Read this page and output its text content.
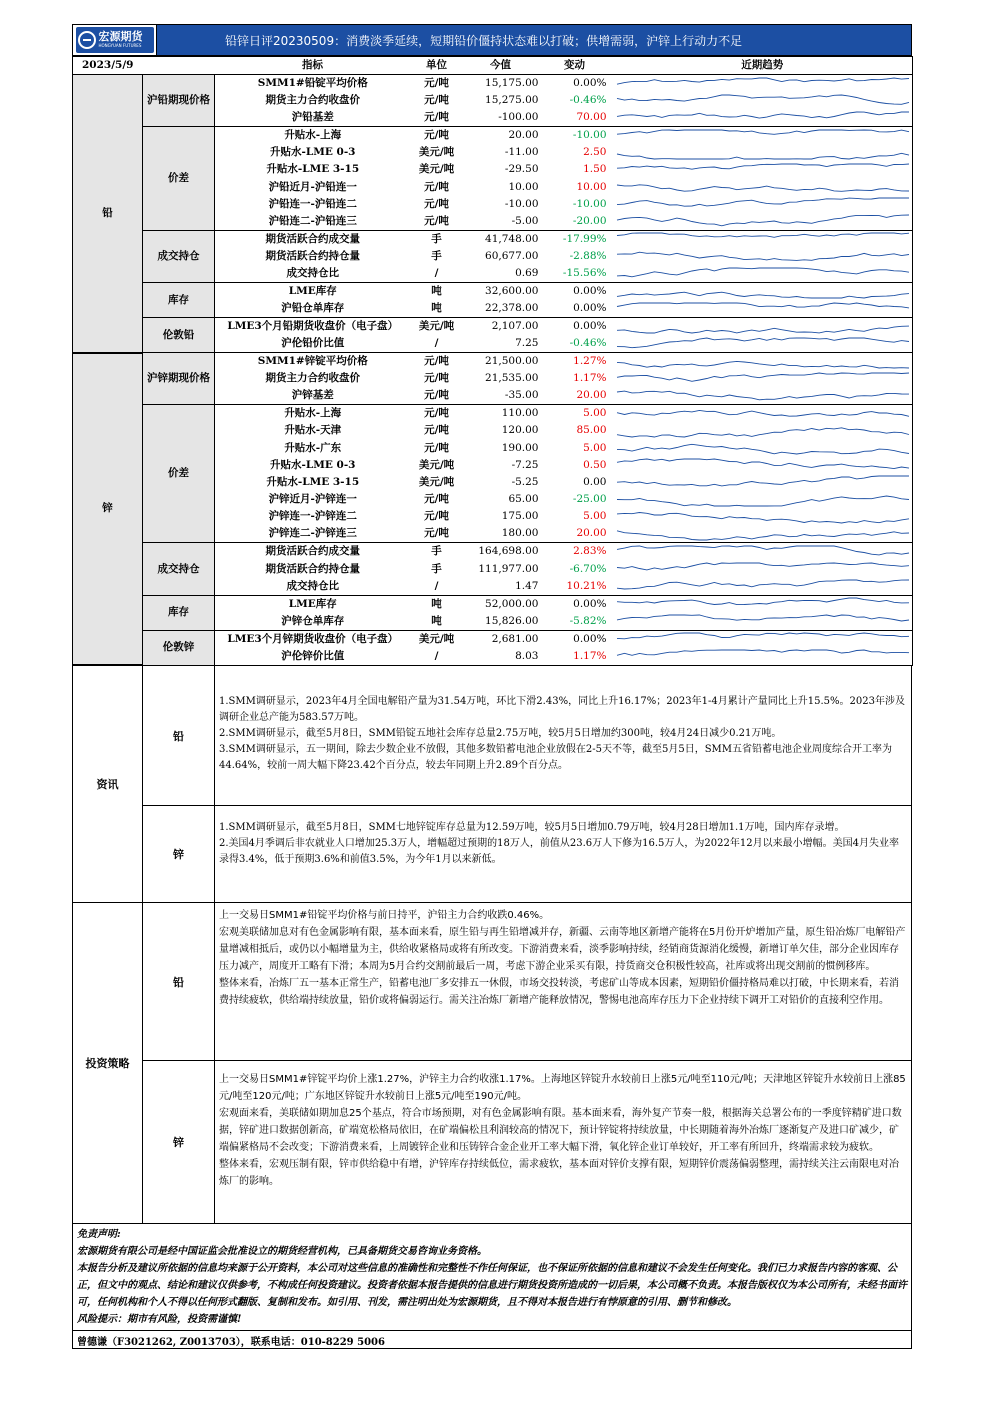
宏源期货
HONGYUAN FUTURES	铅锌日评20230509：消费淡季延续，短期铅价僵持状态难以打破；供增需弱，沪锌上行动力不足
2023/5/9		指标	单位	今值	变动	近期趋势
铅	沪铅期现价格	SMM1#铅锭平均价格	元/吨	15,175.00	0.00%	

		期货主力合约收盘价	元/吨	15,275.00	-0.46%	

		沪铅基差	元/吨	-100.00	70.00	

	价差	升贴水-上海	元/吨	20.00	-10.00	

		升贴水-LME 0-3	美元/吨	-11.00	2.50	

		升贴水-LME 3-15	美元/吨	-29.50	1.50	

		沪铅近月-沪铅连一	元/吨	10.00	10.00	

		沪铅连一-沪铅连二	元/吨	-10.00	-10.00	

		沪铅连二-沪铅连三	元/吨	-5.00	-20.00	

	成交持仓	期货活跃合约成交量	手	41,748.00	-17.99%	

		期货活跃合约持仓量	手	60,677.00	-2.88%	

		成交持仓比	/	0.69	-15.56%	

	库存	LME库存	吨	32,600.00	0.00%	

		沪铅仓单库存	吨	22,378.00	0.00%	

	伦敦铅	LME3个月铅期货收盘价（电子盘）	美元/吨	2,107.00	0.00%	

		沪伦铅价比值	/	7.25	-0.46%	

锌	沪锌期现价格	SMM1#锌锭平均价格	元/吨	21,500.00	1.27%	

		期货主力合约收盘价	元/吨	21,535.00	1.17%	

		沪锌基差	元/吨	-35.00	20.00	

	价差	升贴水-上海	元/吨	110.00	5.00	

		升贴水-天津	元/吨	120.00	85.00	

		升贴水-广东	元/吨	190.00	5.00	

		升贴水-LME 0-3	美元/吨	-7.25	0.50	

		升贴水-LME 3-15	美元/吨	-5.25	0.00	

		沪锌近月-沪锌连一	元/吨	65.00	-25.00	

		沪锌连一-沪锌连二	元/吨	175.00	5.00	

		沪锌连二-沪锌连三	元/吨	180.00	20.00	

	成交持仓	期货活跃合约成交量	手	164,698.00	2.83%	

		期货活跃合约持仓量	手	111,977.00	-6.70%	

		成交持仓比	/	1.47	10.21%	

	库存	LME库存	吨	52,000.00	0.00%	

		沪锌仓单库存	吨	15,826.00	-5.82%	

	伦敦锌	LME3个月锌期货收盘价（电子盘）	美元/吨	2,681.00	0.00%	

		沪伦锌价比值	/	8.03	1.17%	
资讯
铅
1.SMM调研显示，2023年4月全国电解铅产量为31.54万吨，环比下滑2.43%，同比上升16.17%；2023年1-4月累计产量同比上升15.5%。2023年涉及调研企业总产能为583.57万吨。
2.SMM调研显示，截至5月8日，SMM铅锭五地社会库存总量2.75万吨，较5月5日增加约300吨，较4月24日减少0.21万吨。
3.SMM调研显示，五一期间，除去少数企业不放假，其他多数铅蓄电池企业放假在2-5天不等，截至5月5日，SMM五省铅蓄电池企业周度综合开工率为44.64%，较前一周大幅下降23.42个百分点，较去年同期上升2.89个百分点。
锌
1.SMM调研显示，截至5月8日，SMM七地锌锭库存总量为12.59万吨，较5月5日增加0.79万吨，较4月28日增加1.1万吨，国内库存录增。
2.美国4月季调后非农就业人口增加25.3万人，增幅超过预期的18万人，前值从23.6万人下修为16.5万人，为2022年12月以来最小增幅。美国4月失业率录得3.4%，低于预期3.6%和前值3.5%，为今年1月以来新低。
投资策略
铅
上一交易日SMM1#铅锭平均价格与前日持平，沪铅主力合约收跌0.46%。
宏观美联储加息对有色金属影响有限，基本面来看，原生铅与再生铅增减并存，新疆、云南等地区新增产能将在5月份开炉增加产量，原生铅冶炼厂电解铅产量增减相抵后，或仍以小幅增量为主，供给收紧格局或将有所改变。下游消费来看，淡季影响持续，经销商货源消化缓慢，新增订单欠佳，部分企业因库存压力减产，周度开工略有下滑；本周为5月合约交割前最后一周，考虑下游企业采买有限，持货商交仓积极性较高，社库或将出现交割前的惯例移库。
整体来看，冶炼厂五一基本正常生产，铅蓄电池厂多安排五一休假，市场交投转淡，考虑矿山等成本因素，短期铅价僵持格局难以打破，中长期来看，若消费持续疲软，供给端持续放量，铅价或将偏弱运行。需关注冶炼厂新增产能释放情况，警惕电池高库存压力下企业持续下调开工对铅价的直接利空作用。
锌
上一交易日SMM1#锌锭平均价上涨1.27%，沪锌主力合约收涨1.17%。上海地区锌锭升水较前日上涨5元/吨至110元/吨；天津地区锌锭升水较前日上涨85元/吨至120元/吨；广东地区锌锭升水较前日上涨5元/吨至190元/吨。
宏观面来看，美联储如期加息25个基点，符合市场预期，对有色金属影响有限。基本面来看，海外复产节奏一般，根据海关总署公布的一季度锌精矿进口数据，锌矿进口数据创新高，矿端宽松格局依旧，在矿端偏松且利润较高的情况下，预计锌锭将持续放量，中长期随着海外冶炼厂逐渐复产及进口矿减少，矿端偏紧格局不会改变；下游消费来看，上周镀锌企业和压铸锌合金企业开工率大幅下滑，氧化锌企业订单较好，开工率有所回升，终端需求较为疲软。
整体来看，宏观压制有限，锌市供给稳中有增，沪锌库存持续低位，需求疲软，基本面对锌价支撑有限，短期锌价震荡偏弱整理，需持续关注云南限电对冶炼厂的影响。
免责声明:
宏源期货有限公司是经中国证监会批准设立的期货经营机构，已具备期货交易咨询业务资格。
本报告分析及建议所依据的信息均来源于公开资料，本公司对这些信息的准确性和完整性不作任何保证，也不保证所依据的信息和建议不会发生任何变化。我们已力求报告内容的客观、公正，但文中的观点、结论和建议仅供参考，不构成任何投资建议。投资者依据本报告提供的信息进行期货投资所造成的一切后果，本公司概不负责。本报告版权仅为本公司所有，未经书面许可，任何机构和个人不得以任何形式翻版、复制和发布。如引用、刊发，需注明出处为宏源期货，且不得对本报告进行有悖原意的引用、删节和修改。
风险提示：期市有风险，投资需谨慎!
曾德谦（F3021262, Z0013703），联系电话：010-8229 5006
